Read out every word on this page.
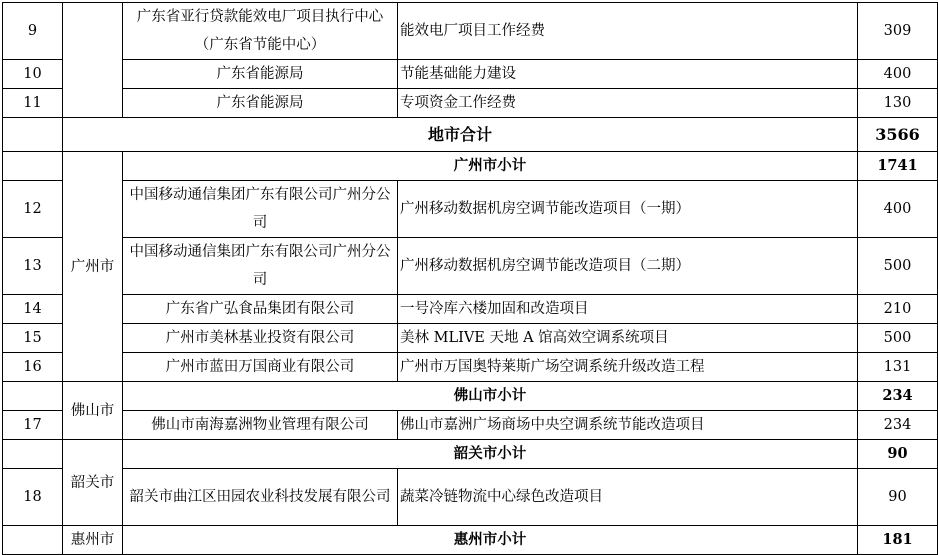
9		广东省亚行贷款能效电厂项目执行中心（广东省节能中心）	能效电厂项目工作经费	309
10		广东省能源局	节能基础能力建设	400
11		广东省能源局	专项资金工作经费	130
	地市合计			3566
	广州市	广州市小计		1741
12		中国移动通信集团广东有限公司广州分公司	广州移动数据机房空调节能改造项目（一期）	400
13		中国移动通信集团广东有限公司广州分公司	广州移动数据机房空调节能改造项目（二期）	500
14		广东省广弘食品集团有限公司	一号冷库六楼加固和改造项目	210
15		广州市美林基业投资有限公司	美林 MLIVE 天地 A 馆高效空调系统项目	500
16		广州市蓝田万国商业有限公司	广州市万国奥特莱斯广场空调系统升级改造工程	131
	佛山市	佛山市小计		234
17		佛山市南海嘉洲物业管理有限公司	佛山市嘉洲广场商场中央空调系统节能改造项目	234
	韶关市	韶关市小计		90
18		韶关市曲江区田园农业科技发展有限公司	蔬菜冷链物流中心绿色改造项目	90
	惠州市	惠州市小计		181
